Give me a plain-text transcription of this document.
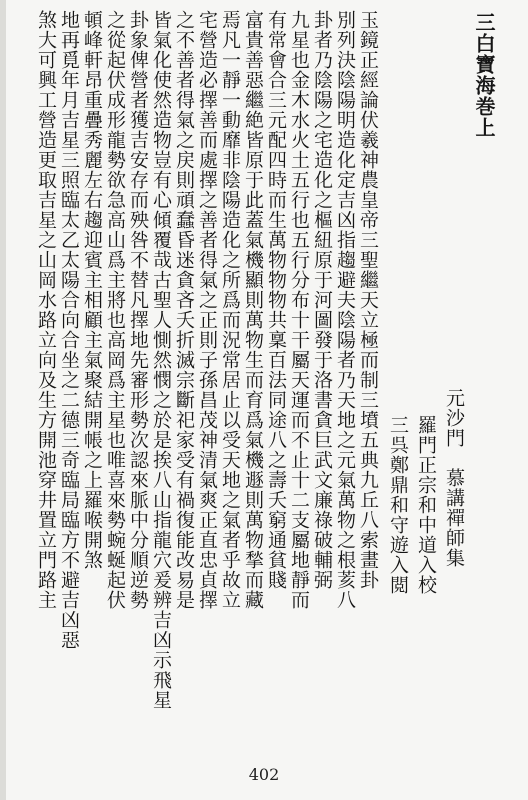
三白寶海巻上
元沙門　慕講禪師集
羅門正宗和中道入校
三呉鄭鼎和守遊入閲
玉鏡正經論伏羲神農皇帝三聖繼天立極而制三墳五典九丘八索畫卦
別列決陰陽明造化定吉凶指趨避夫陰陽者乃天地之元氣萬物之根荄八
卦者乃陰陽之宅造化之樞紐原于河圖發于洛書貪巨武文廉祿破輔弼
九星也金木水火土五行也五行分布十干屬天運而不止十二支屬地靜而
有常會合三元配四時而生萬物物物共稟百法同途八之壽夭窮通貧賤
富貴善惡繼絶皆原于此蓋氣機顯則萬物生而育爲氣機遯則萬物揫而藏
焉凡一靜一動靡非陰陽造化之所爲而況常居止以受天地之氣者乎故立
宅營造必擇善而處擇之善者得氣之正則子孫昌茂神清氣爽正直忠貞擇
之不善者得氣之戻則頑蠢昏迷貪吝夭折滅宗斷祀家受有禍復能改易是
皆氣化使然造物豈有心傾覆哉古聖人惻然憫之於是挨八山指龍穴爰辨吉凶示飛星
卦象俾營者獲吉安存而殃咎不替凡擇地先審形勢次認來脈中分順逆勢
之從起伏成形龍勢欲急高山爲主將也高岡爲主星也唯喜來勢蜿蜒起伏
頓峰軒昂重疊秀麗左右趨迎賓主相顧主氣聚結開帳之上羅喉開煞
地再覓年月吉星三照臨太乙太陽合向合坐之二德三奇臨局臨方不避吉凶惡
煞大可興工營造更取吉星之山岡水路立向及生方開池穿井置立門路主
402
